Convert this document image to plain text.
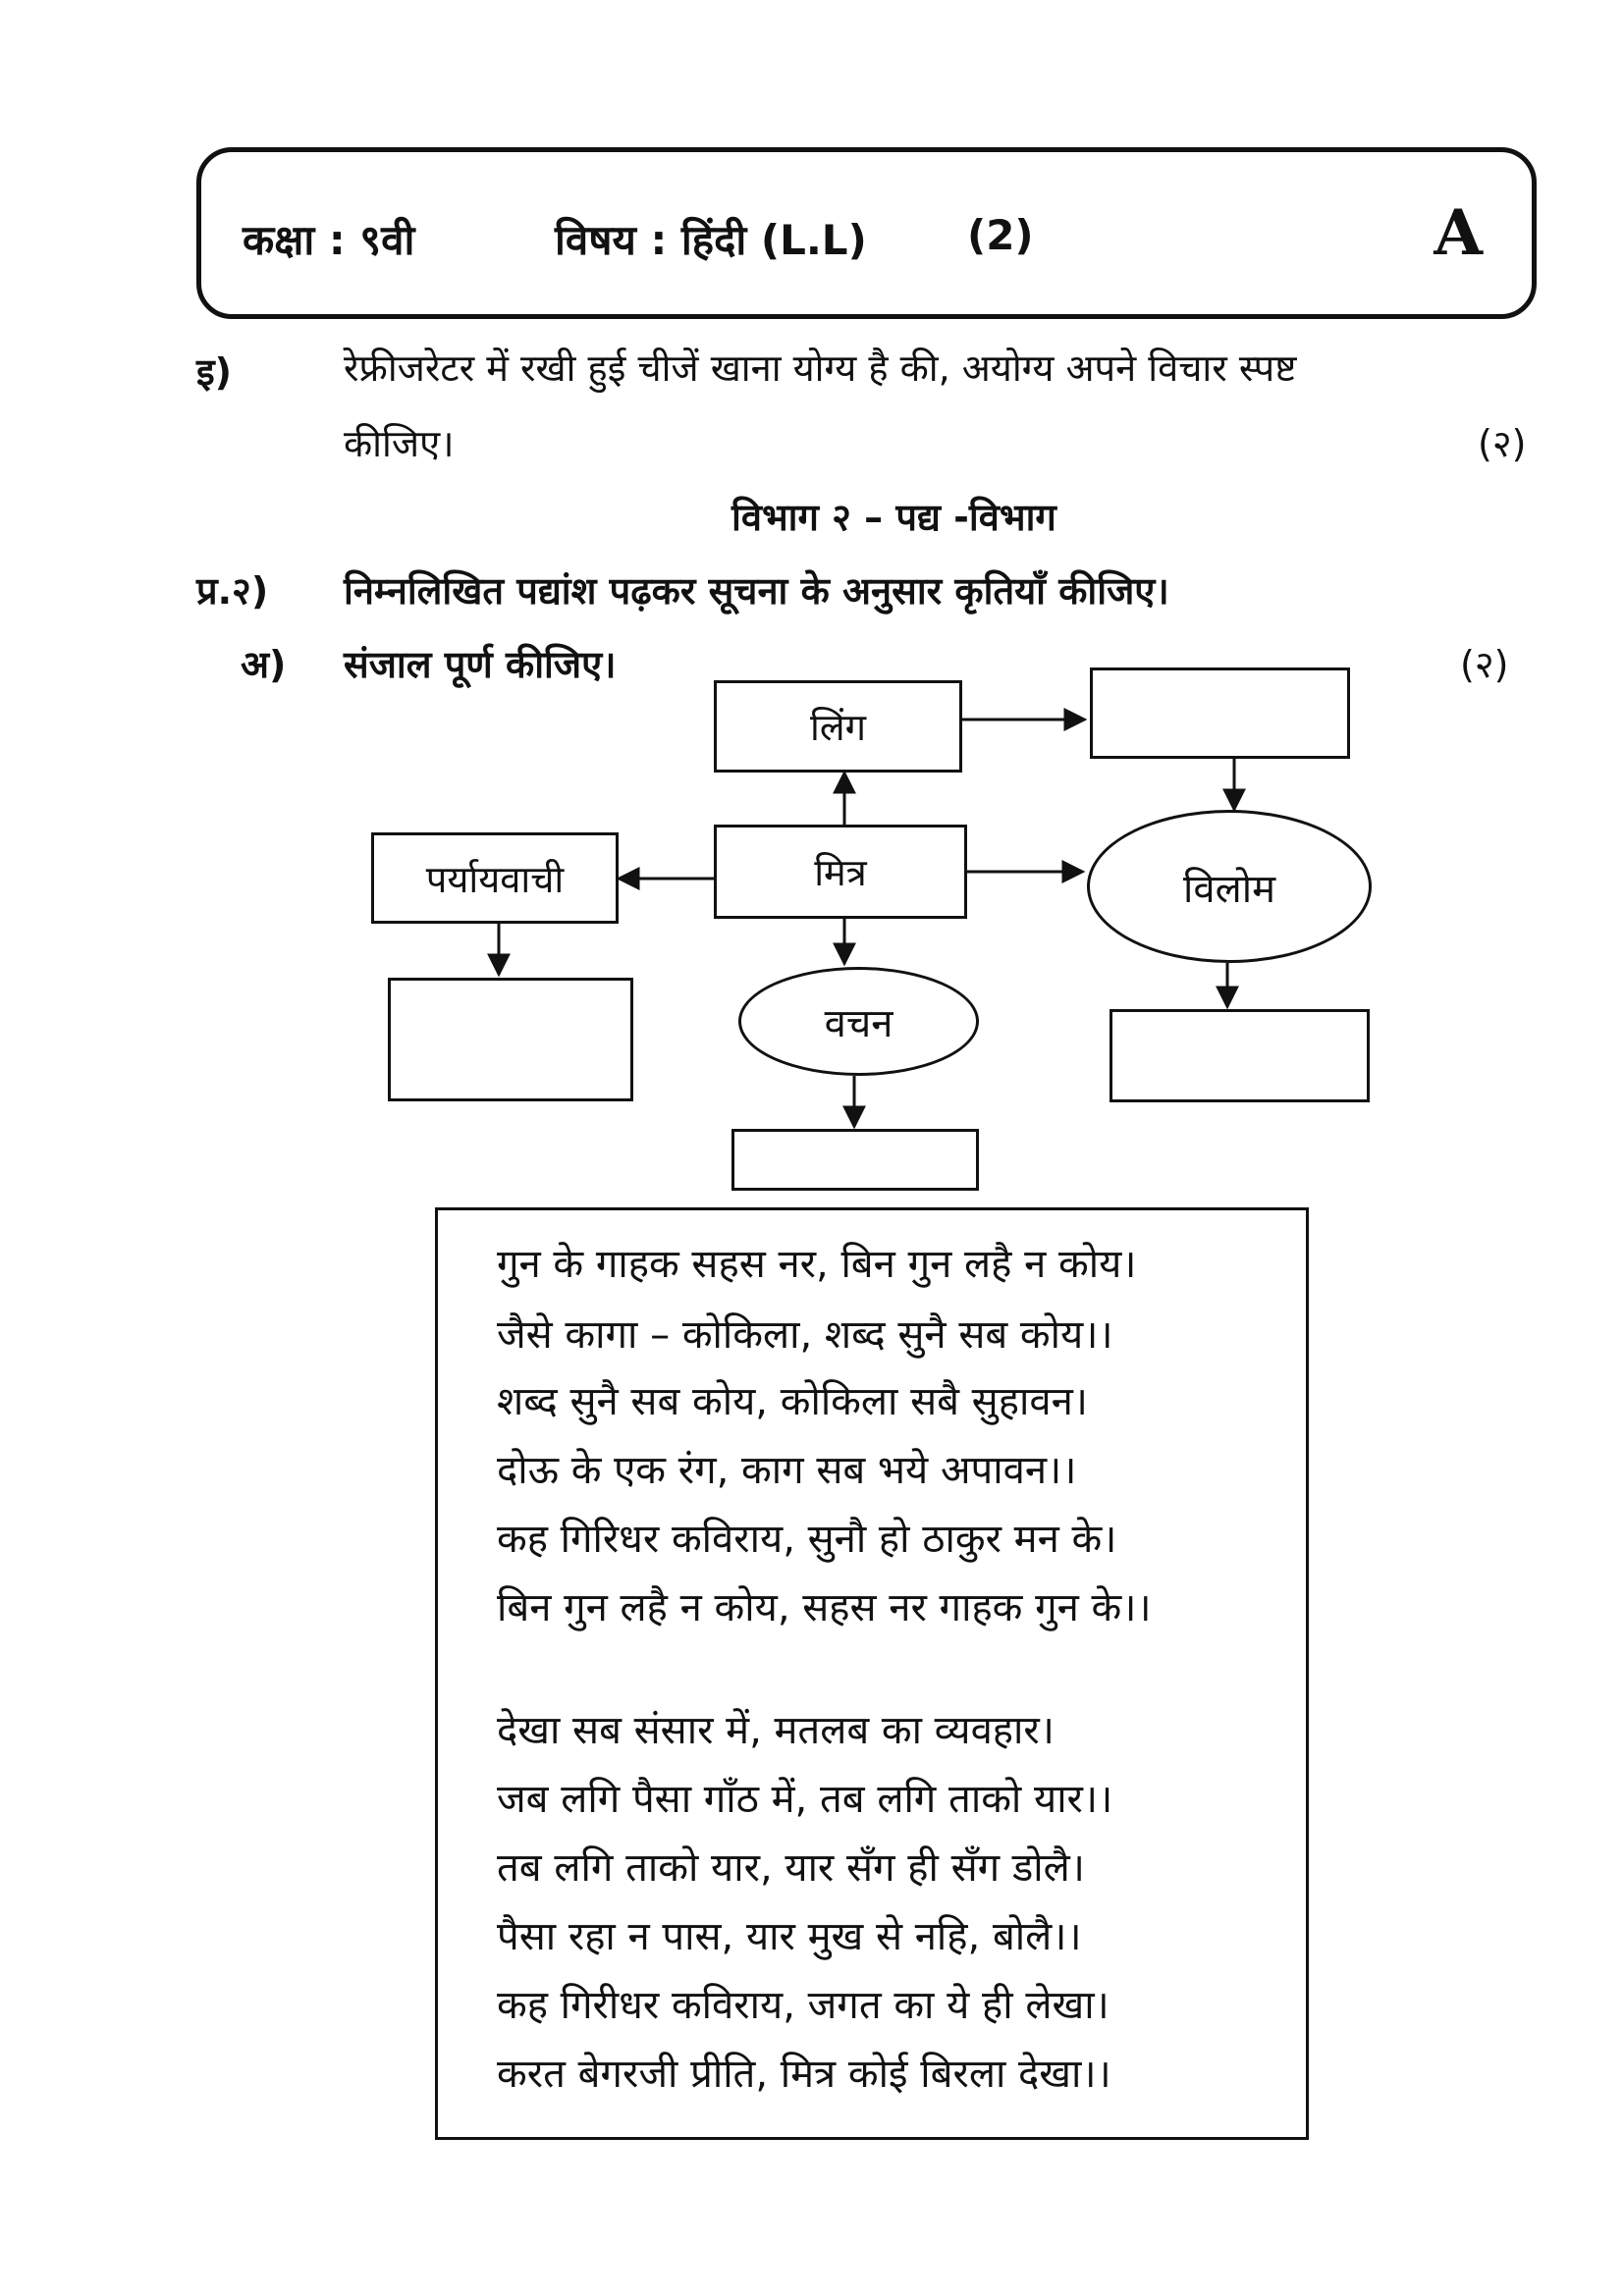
कक्षा : ९वी	विषय : हिंदी (L.L) (2)	A
इ)	रेफ्रीजरेटर में रखी हुई चीजें खाना योग्य है की, अयोग्य अपने विचार स्पष्ट
कीजिए।	(२)
विभाग २ – पद्य -विभाग
प्र.२) निम्नलिखित पद्यांश पढ़कर सूचना के अनुसार कृतियाँ कीजिए।
अ) संजाल पूर्ण कीजिए।	(२)
लिंग
मित्र
पर्यायवाची	विलोम
वचन
गुन के गाहक सहस नर, बिन गुन लहै न कोय।
जैसे कागा – कोकिला, शब्द सुनै सब कोय।।
शब्द सुनै सब कोय, कोकिला सबै सुहावन।
दोऊ के एक रंग, काग सब भये अपावन।।
कह गिरिधर कविराय, सुनौ हो ठाकुर मन के।
बिन गुन लहै न कोय, सहस नर गाहक गुन के।।
देखा सब संसार में, मतलब का व्यवहार।
जब लगि पैसा गाँठ में, तब लगि ताको यार।।
तब लगि ताको यार, यार सँग ही सँग डोलै।
पैसा रहा न पास, यार मुख से नहि, बोलै।।
कह गिरीधर कविराय, जगत का ये ही लेखा।
करत बेगरजी प्रीति, मित्र कोई बिरला देखा।।
